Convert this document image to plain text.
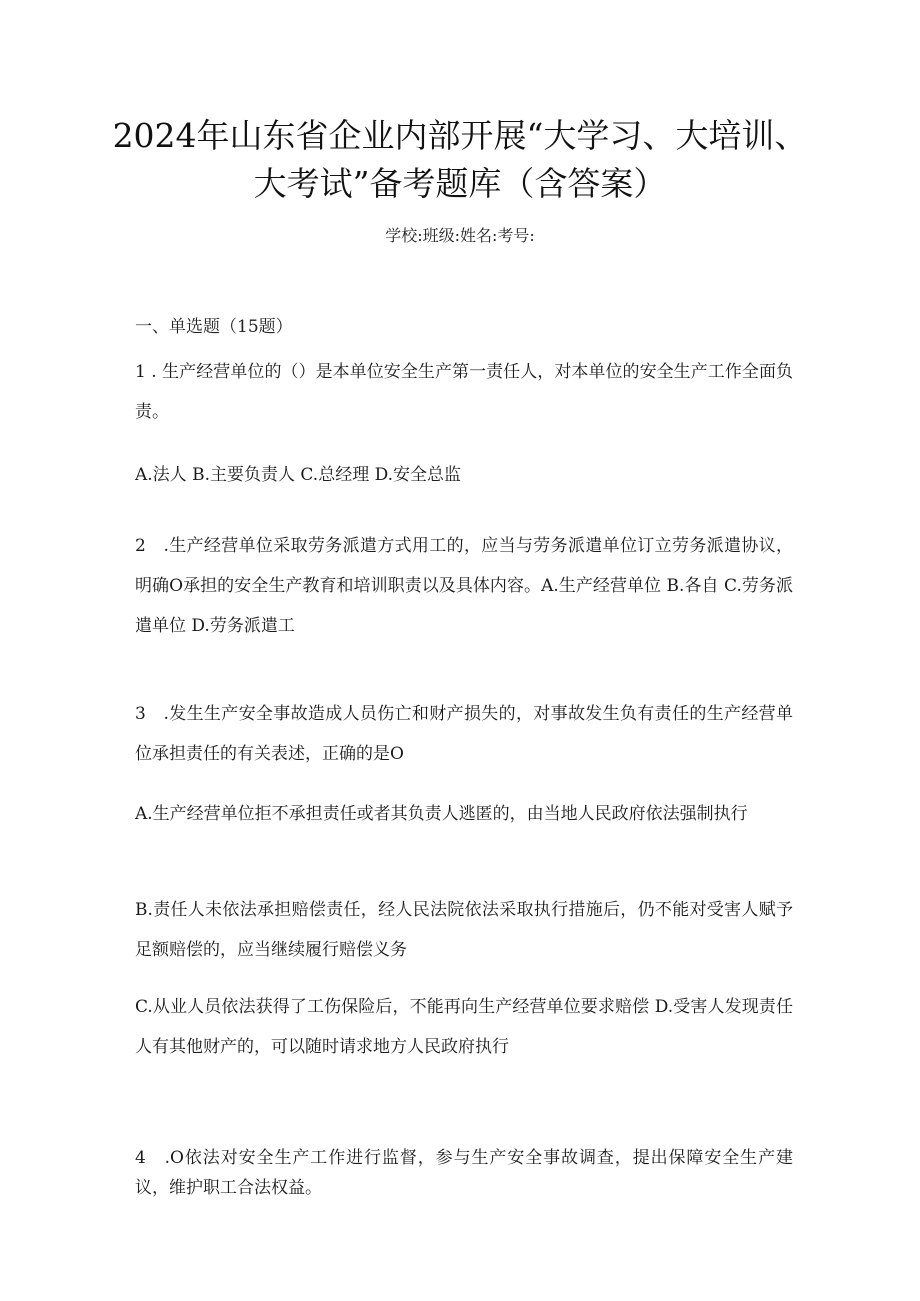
2024年山东省企业内部开展“大学习、大培训、大考试”备考题库（含答案）
学校:班级:姓名:考号:
一、单选题（15题）

1 . 生产经营单位的（）是本单位安全生产第一责任人，对本单位的安全生产工作全面负责。

A.法人 B.主要负责人 C.总经理 D.安全总监

2　.生产经营单位采取劳务派遣方式用工的，应当与劳务派遣单位订立劳务派遣协议，明确O承担的安全生产教育和培训职责以及具体内容。A.生产经营单位 B.各自 C.劳务派遣单位 D.劳务派遣工

3　.发生生产安全事故造成人员伤亡和财产损失的，对事故发生负有责任的生产经营单位承担责任的有关表述，正确的是O

A.生产经营单位拒不承担责任或者其负责人逃匿的，由当地人民政府依法强制执行

B.责任人未依法承担赔偿责任，经人民法院依法采取执行措施后，仍不能对受害人赋予足额赔偿的，应当继续履行赔偿义务

C.从业人员依法获得了工伤保险后，不能再向生产经营单位要求赔偿 D.受害人发现责任人有其他财产的，可以随时请求地方人民政府执行

4　.O依法对安全生产工作进行监督，参与生产安全事故调查，提出保障安全生产建议，维护职工合法权益。
